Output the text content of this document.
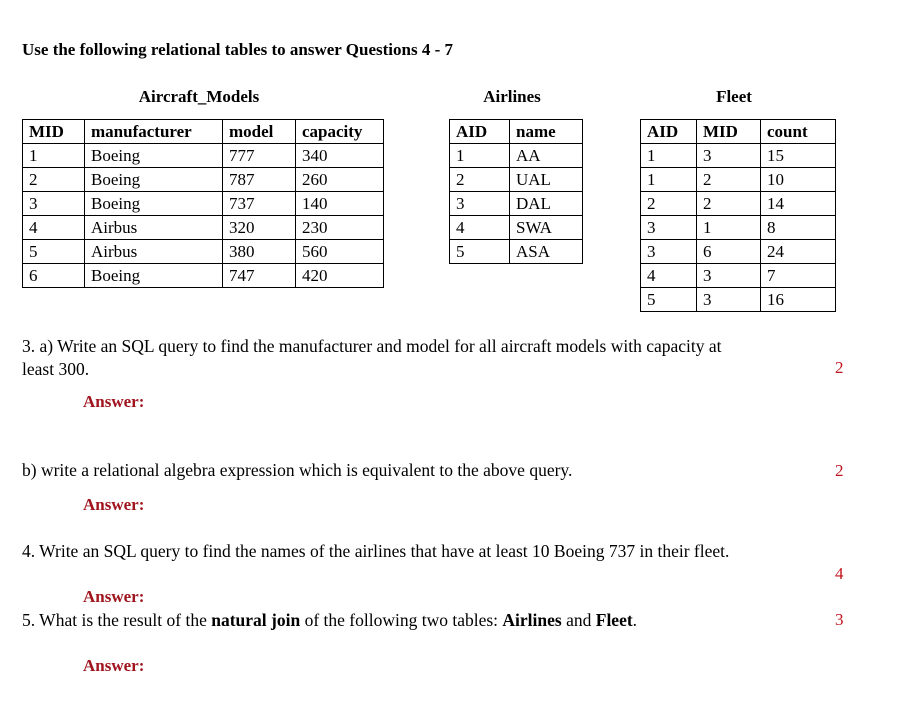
Use the following relational tables to answer Questions 4 - 7
Aircraft_Models
MID	manufacturer	model	capacity
1	Boeing	777	340
2	Boeing	787	260
3	Boeing	737	140
4	Airbus	320	230
5	Airbus	380	560
6	Boeing	747	420
Airlines
AID	name
1	AA
2	UAL
3	DAL
4	SWA
5	ASA
Fleet
AID	MID	count
1	3	15
1	2	10
2	2	14
3	1	8
3	6	24
4	3	7
5	3	16
3. a) Write an SQL query to find the manufacturer and model for all aircraft models with capacity at
least 300.	2
Answer:
b) write a relational algebra expression which is equivalent to the above query.	2
Answer:
4. Write an SQL query to find the names of the airlines that have at least 10 Boeing 737 in their fleet.
4
Answer:
5. What is the result of the natural join of the following two tables: Airlines and Fleet.	3
Answer:
